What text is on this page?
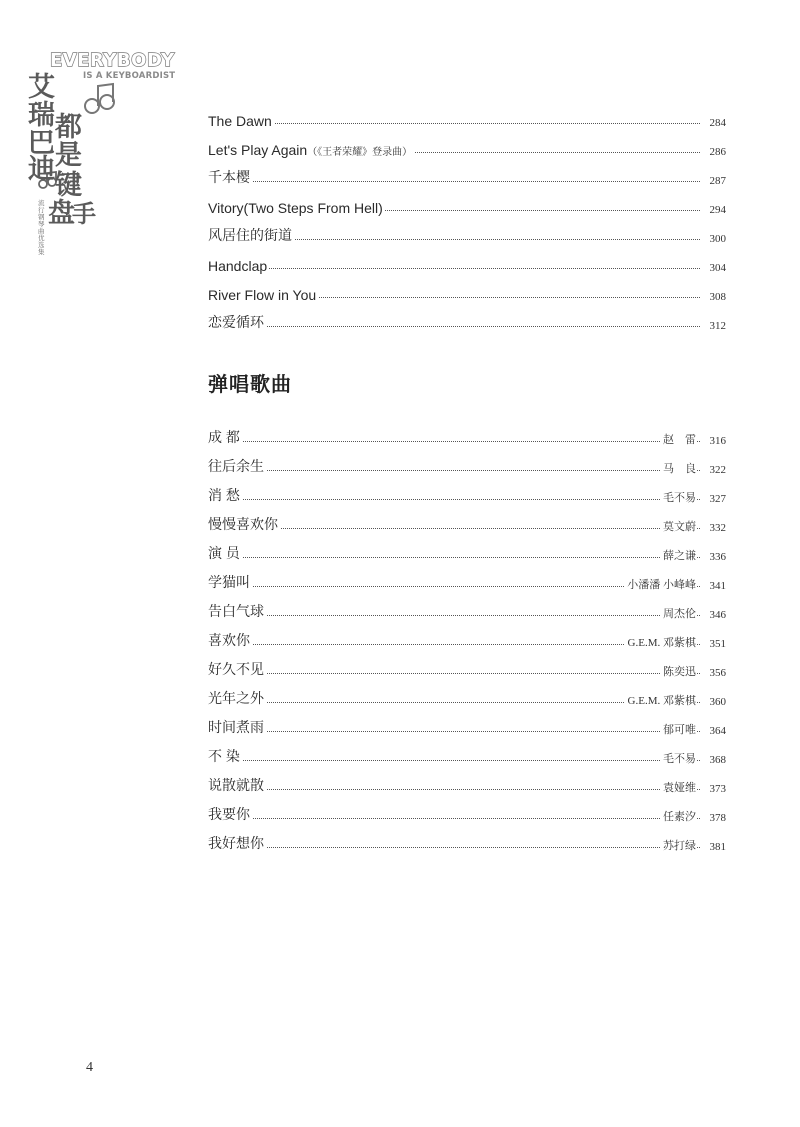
EVERYBODY
IS A KEYBOARDIST
艾
瑞
巴
迪
都
是
键
盘
手
流行钢琴曲优选集
The Dawn	284
Let's Play Again（《王者荣耀》登录曲）	286
千本樱	287
Vitory(Two Steps From Hell)	294
风居住的街道	300
Handclap	304
River Flow in You	308
恋爱循环	312
弹唱歌曲
成 都	赵　雷	316
往后余生	马　良	322
消 愁	毛不易	327
慢慢喜欢你	莫文蔚	332
演 员	薛之谦	336
学猫叫	小潘潘 小峰峰	341
告白气球	周杰伦	346
喜欢你	G.E.M. 邓紫棋	351
好久不见	陈奕迅	356
光年之外	G.E.M. 邓紫棋	360
时间煮雨	郁可唯	364
不 染	毛不易	368
说散就散	袁娅维	373
我要你	任素汐	378
我好想你	苏打绿	381
4
